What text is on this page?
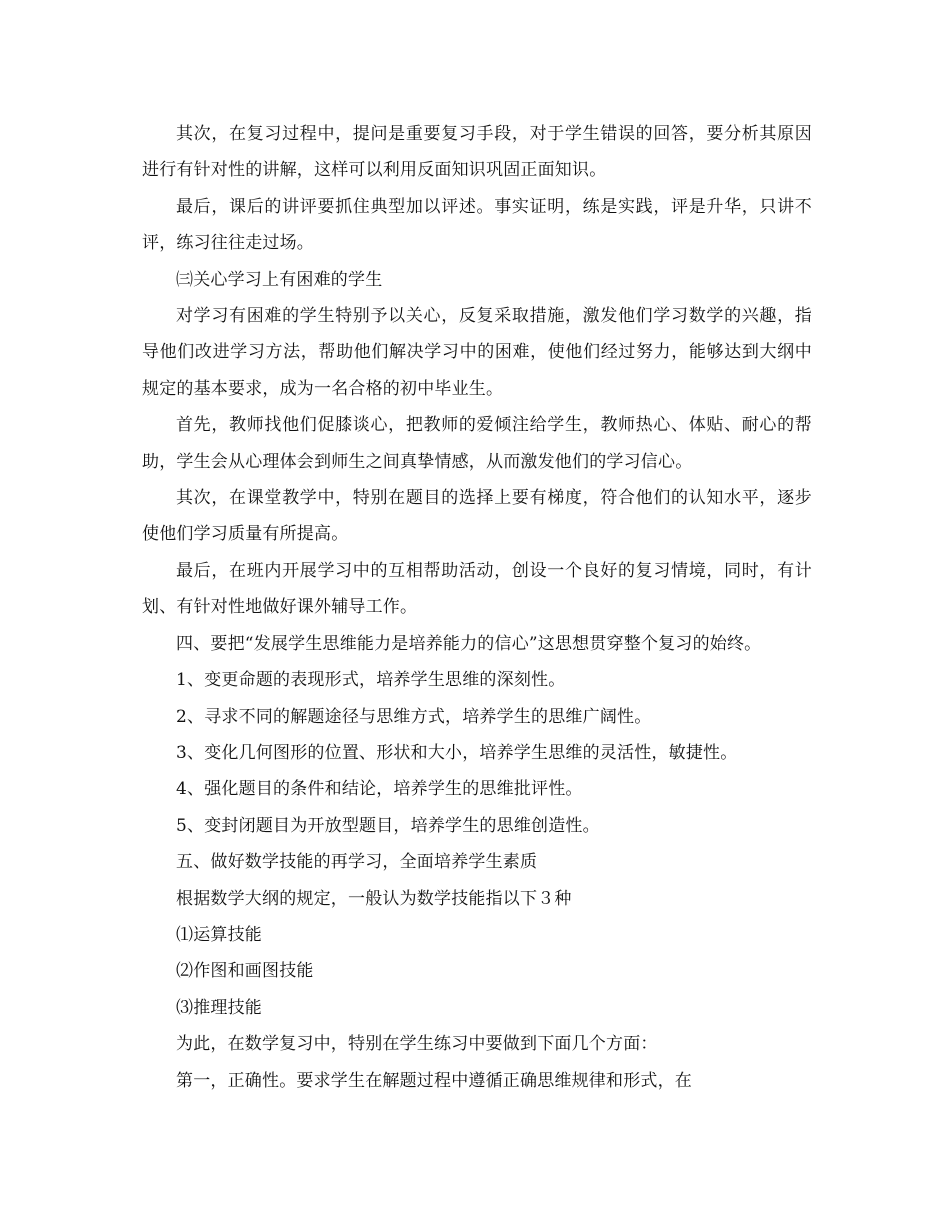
其次，在复习过程中，提问是重要复习手段，对于学生错误的回答，要分析其原因进行有针对性的讲解，这样可以利用反面知识巩固正面知识。

最后，课后的讲评要抓住典型加以评述。事实证明，练是实践，评是升华，只讲不评，练习往往走过场。

㈢关心学习上有困难的学生

对学习有困难的学生特别予以关心，反复采取措施，激发他们学习数学的兴趣，指导他们改进学习方法，帮助他们解决学习中的困难，使他们经过努力，能够达到大纲中规定的基本要求，成为一名合格的初中毕业生。

首先，教师找他们促膝谈心，把教师的爱倾注给学生，教师热心、体贴、耐心的帮助，学生会从心理体会到师生之间真挚情感，从而激发他们的学习信心。

其次，在课堂教学中，特别在题目的选择上要有梯度，符合他们的认知水平，逐步使他们学习质量有所提高。

最后，在班内开展学习中的互相帮助活动，创设一个良好的复习情境，同时，有计划、有针对性地做好课外辅导工作。

四、要把“发展学生思维能力是培养能力的信心”这思想贯穿整个复习的始终。

1、变更命题的表现形式，培养学生思维的深刻性。

2、寻求不同的解题途径与思维方式，培养学生的思维广阔性。

3、变化几何图形的位置、形状和大小，培养学生思维的灵活性，敏捷性。

4、强化题目的条件和结论，培养学生的思维批评性。

5、变封闭题目为开放型题目，培养学生的思维创造性。

五、做好数学技能的再学习，全面培养学生素质

根据数学大纲的规定，一般认为数学技能指以下３种

⑴运算技能

⑵作图和画图技能

⑶推理技能

为此，在数学复习中，特别在学生练习中要做到下面几个方面：

第一，正确性。要求学生在解题过程中遵循正确思维规律和形式，在
